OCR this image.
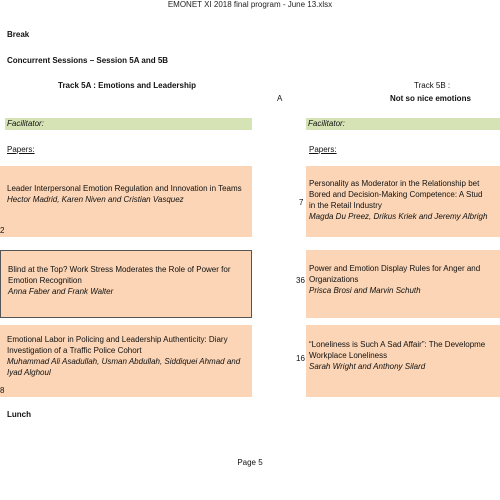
EMONET XI 2018 final program - June 13.xlsx
Break
Concurrent Sessions – Session 5A and 5B
Track 5A : Emotions and Leadership
A
Track 5B :
Not so nice emotions
Facilitator:	Facilitator:
Papers:	Papers:
Leader Interpersonal Emotion Regulation and Innovation in Teams
Hector Madrid, Karen Niven and Cristian Vasquez
2
Blind at the Top? Work Stress Moderates the Role of Power for Emotion Recognition
Anna Faber and Frank Walter
Emotional Labor in Policing and Leadership Authenticity: Diary Investigation of a Traffic Police Cohort
Muhammad Ali Asadullah, Usman Abdullah, Siddiquei Ahmad and Iyad Alghoul
8
Personality as Moderator in the Relationship bet
Bored and Decision-Making Competence: A Stud
in the Retail Industry
Magda Du Preez, Drikus Kriek and Jeremy Albrigh
7
Power and Emotion Display Rules for Anger and
Organizations
Prisca Brosi and Marvin Schuth
36
“Loneliness is Such A Sad Affair”: The Developme
Workplace Loneliness
Sarah Wright and Anthony Silard
16
Lunch
Page 5
